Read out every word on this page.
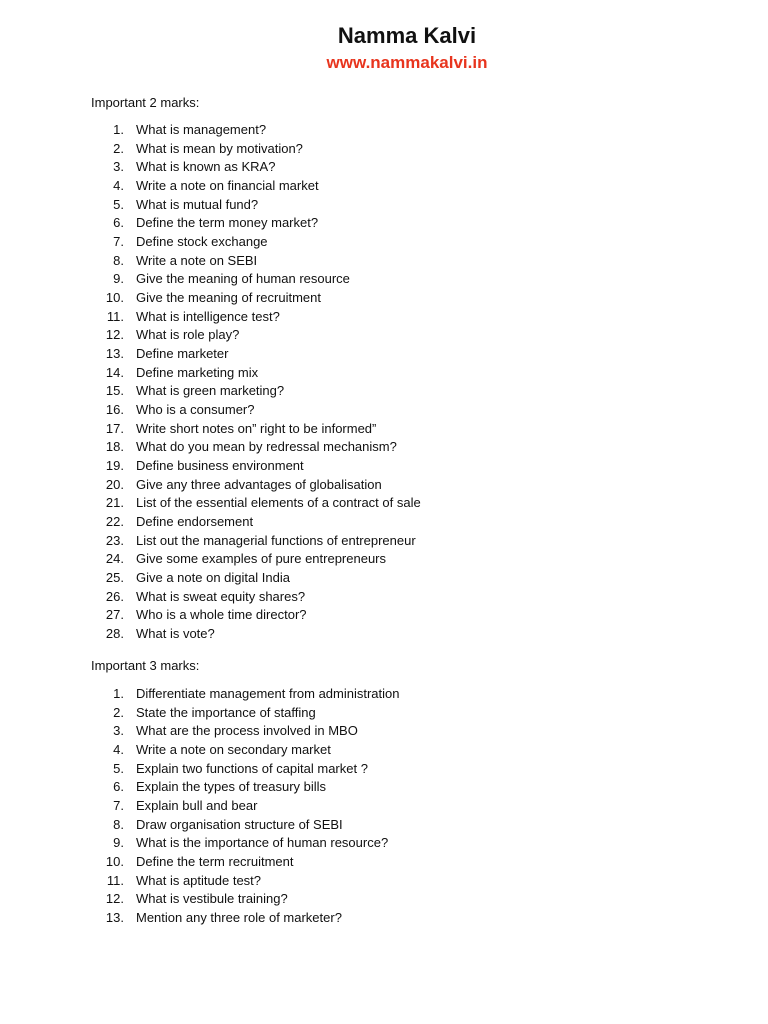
Namma Kalvi
www.nammakalvi.in
Important 2 marks:
1. What is management?
2. What is mean by motivation?
3. What is known as KRA?
4. Write a note on financial market
5. What is mutual fund?
6. Define the term money market?
7. Define stock exchange
8. Write a note on SEBI
9. Give the meaning of human resource
10. Give the meaning of recruitment
11. What is intelligence test?
12. What is role play?
13. Define marketer
14. Define marketing mix
15. What is green marketing?
16. Who is a consumer?
17. Write short notes on” right to be informed”
18. What do you mean by redressal mechanism?
19. Define business environment
20. Give any three advantages of globalisation
21. List of the essential elements of a contract of sale
22. Define endorsement
23. List out the managerial functions of entrepreneur
24. Give some examples of pure entrepreneurs
25. Give a note on digital India
26. What is sweat equity shares?
27. Who is a whole time director?
28. What is vote?
Important 3 marks:
1. Differentiate management from administration
2. State the importance of staffing
3. What are the process involved in MBO
4. Write a note on secondary market
5. Explain two functions of capital market ?
6. Explain the types of treasury bills
7. Explain bull and bear
8. Draw organisation structure of SEBI
9. What is the importance of human resource?
10. Define the term recruitment
11. What is aptitude test?
12. What is vestibule training?
13. Mention any three role of marketer?
